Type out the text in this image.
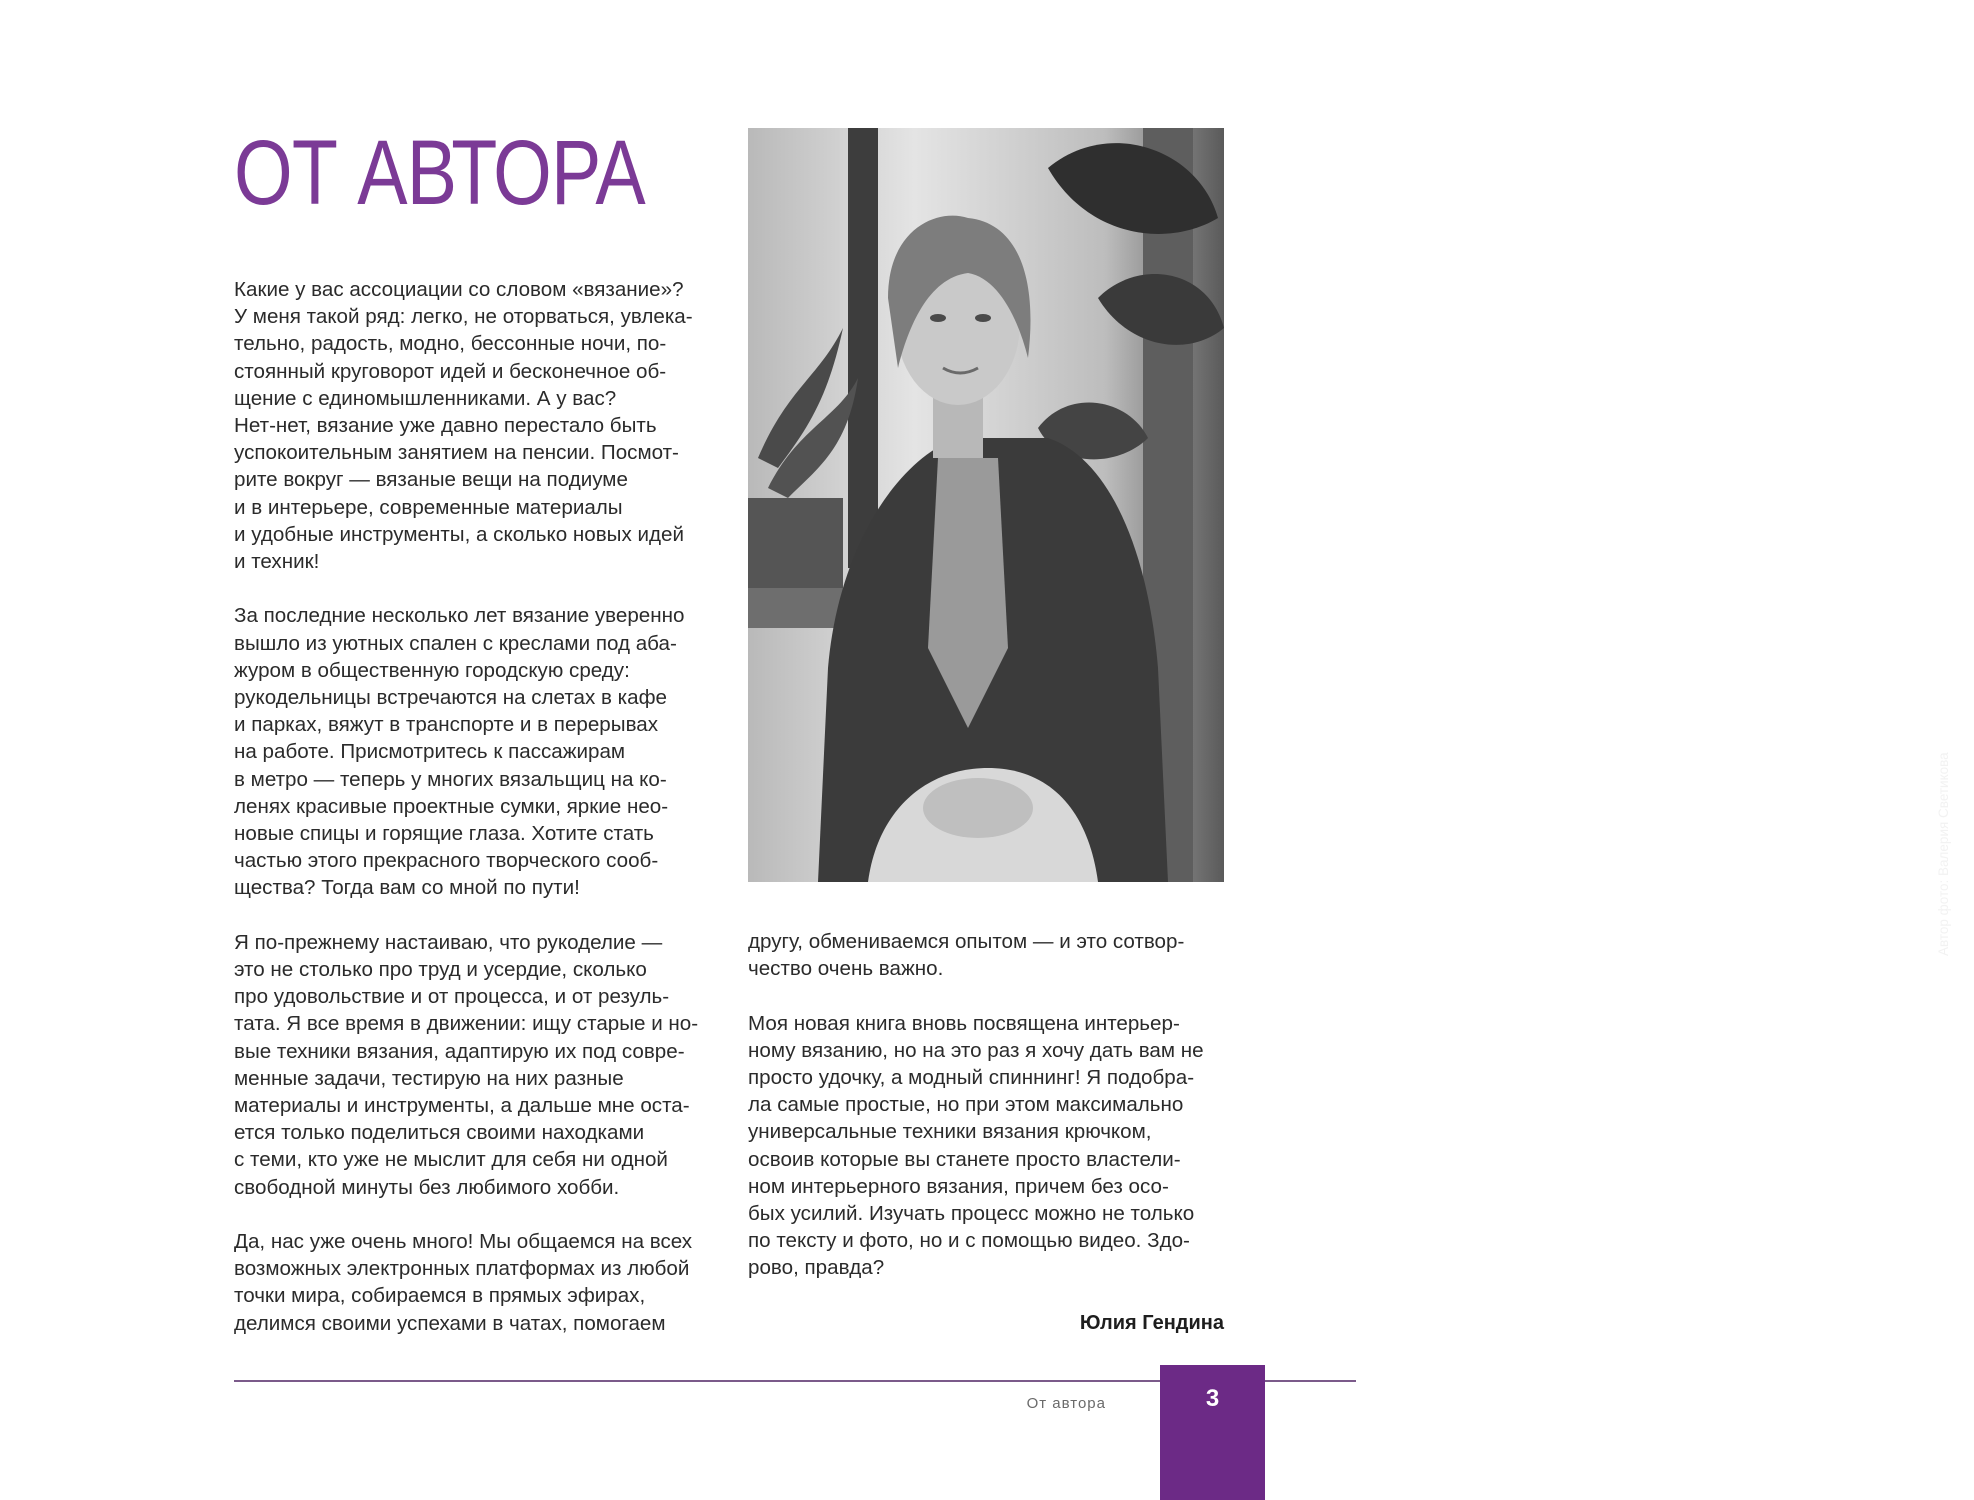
ОТ АВТОРА

Какие у вас ассоциации со словом «вязание»?
У меня такой ряд: легко, не оторваться, увлека-
тельно, радость, модно, бессонные ночи, по-
стоянный круговорот идей и бесконечное об-
щение с единомышленниками. А у вас?
Нет-нет, вязание уже давно перестало быть
успокоительным занятием на пенсии. Посмот-
рите вокруг — вязаные вещи на подиуме
и в интерьере, современные материалы
и удобные инструменты, а сколько новых идей
и техник!

За последние несколько лет вязание уверенно
вышло из уютных спален с креслами под аба-
журом в общественную городскую среду:
рукодельницы встречаются на слетах в кафе
и парках, вяжут в транспорте и в перерывах
на работе. Присмотритесь к пассажирам
в метро — теперь у многих вязальщиц на ко-
ленях красивые проектные сумки, яркие нео-
новые спицы и горящие глаза. Хотите стать
частью этого прекрасного творческого сооб-
щества? Тогда вам со мной по пути!

Я по-прежнему настаиваю, что рукоделие —
это не столько про труд и усердие, сколько
про удовольствие и от процесса, и от резуль-
тата. Я все время в движении: ищу старые и но-
вые техники вязания, адаптирую их под совре-
менные задачи, тестирую на них разные
материалы и инструменты, а дальше мне оста-
ется только поделиться своими находками
с теми, кто уже не мыслит для себя ни одной
свободной минуты без любимого хобби.

Да, нас уже очень много! Мы общаемся на всех
возможных электронных платформах из любой
точки мира, собираемся в прямых эфирах,
делимся своими успехами в чатах, помогаем

Автор фото: Валерия Светикова

другу, обмениваемся опытом — и это сотвор-
чество очень важно.

Моя новая книга вновь посвящена интерьер-
ному вязанию, но на это раз я хочу дать вам не
просто удочку, а модный спиннинг! Я подобра-
ла самые простые, но при этом максимально
универсальные техники вязания крючком,
освоив которые вы станете просто властели-
ном интерьерного вязания, причем без осо-
бых усилий. Изучать процесс можно не только
по тексту и фото, но и с помощью видео. Здо-
рово, правда?

Юлия Гендина
От автора	3
